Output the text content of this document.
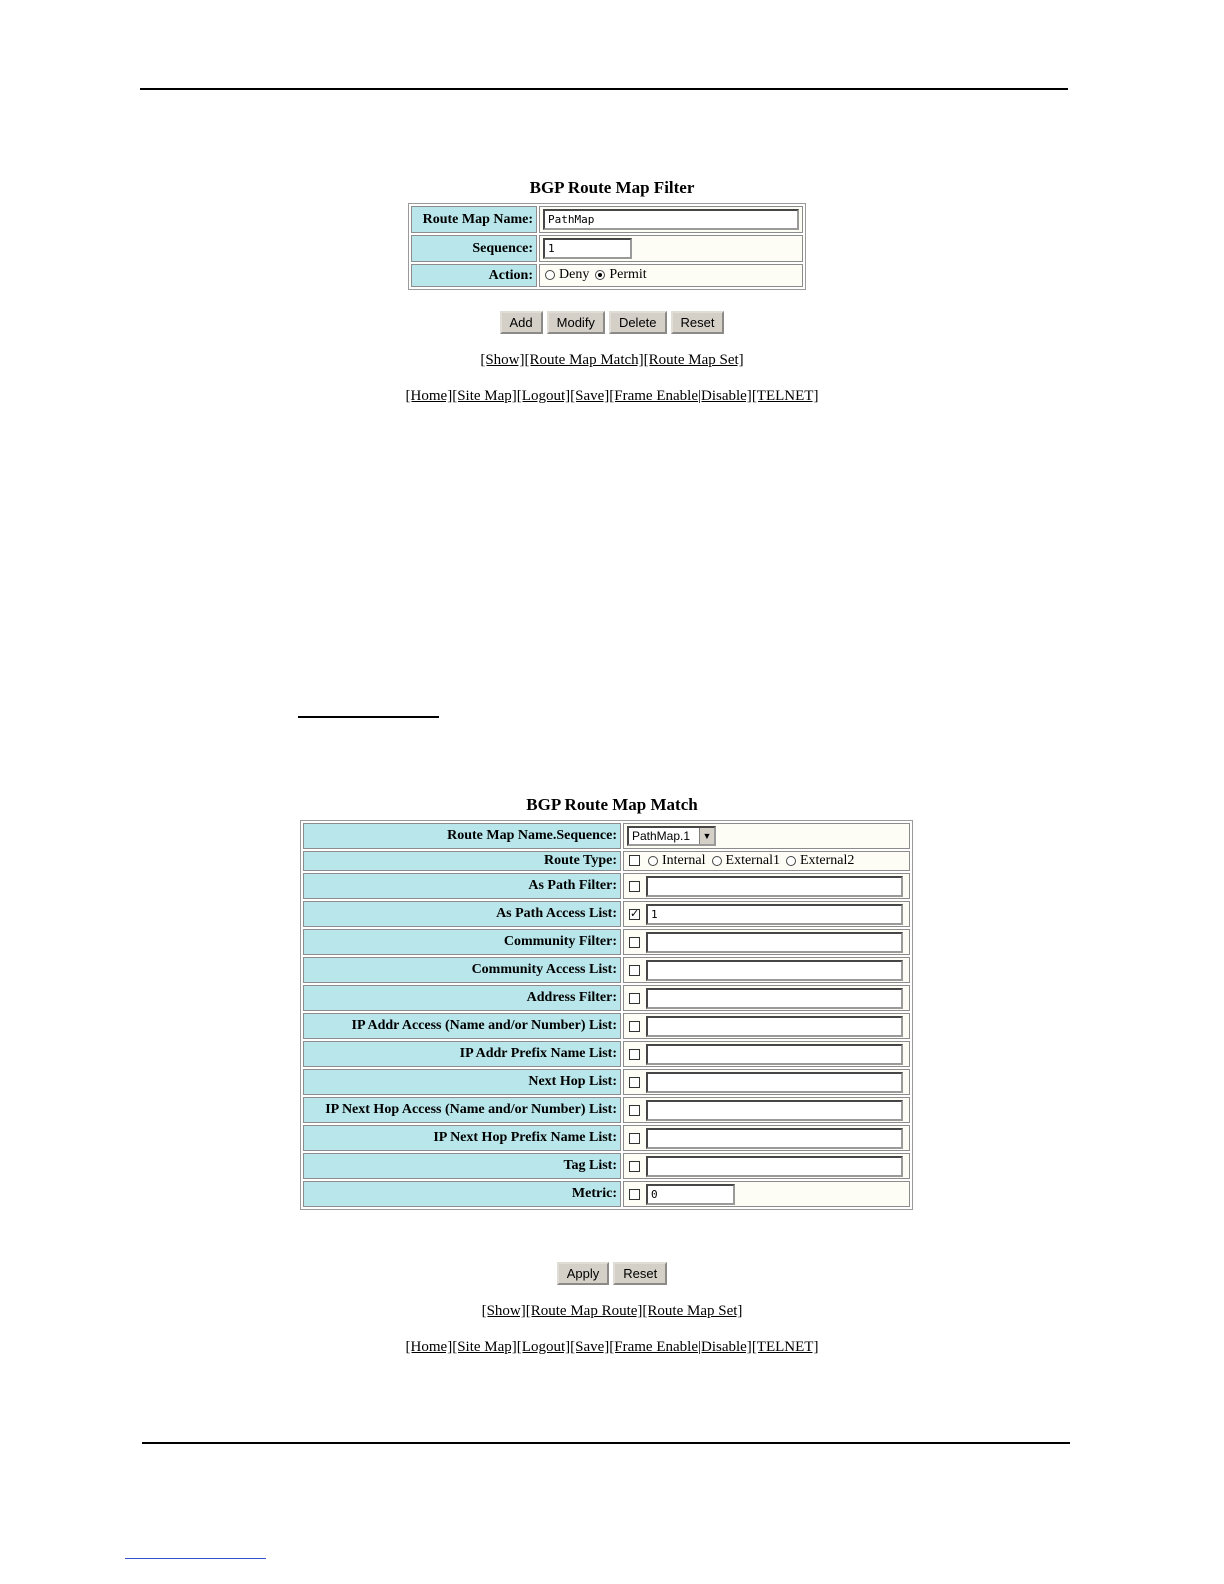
BGP Route Map Filter
Route Map Name:	PathMap
Sequence:	1
Action:	Deny Permit
Add Modify Delete Reset
[Show][Route Map Match][Route Map Set]
[Home][Site Map][Logout][Save][Frame Enable|Disable][TELNET]
BGP Route Map Match
Route Map Name.Sequence:	PathMap.1 ▼

Route Type:	Internal External1 External2
As Path Filter:	
As Path Access List:	✓ 1
Community Filter:	
Community Access List:	
Address Filter:	
IP Addr Access (Name and/or Number) List:	
IP Addr Prefix Name List:	
Next Hop List:	
IP Next Hop Access (Name and/or Number) List:	
IP Next Hop Prefix Name List:	
Tag List:	
Metric:	0
Apply Reset
[Show][Route Map Route][Route Map Set]
[Home][Site Map][Logout][Save][Frame Enable|Disable][TELNET]
